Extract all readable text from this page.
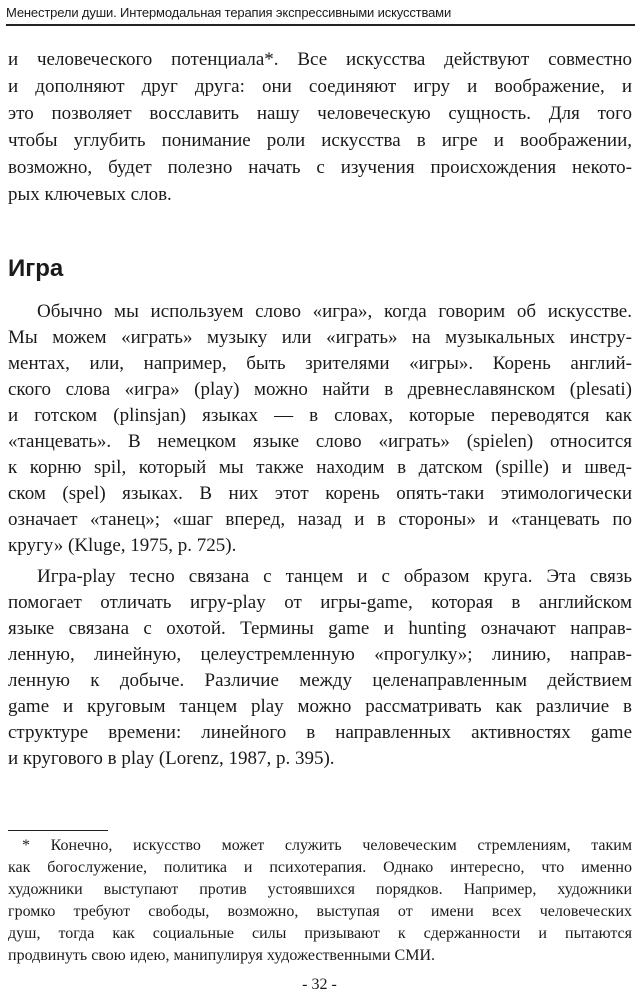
Менестрели души. Интермодальная терапия экспрессивными искусствами
и человеческого потенциала*. Все искусства действуют совместно
и дополняют друг друга: они соединяют игру и воображение, и
это позволяет восславить нашу человеческую сущность. Для того
чтобы углубить понимание роли искусства в игре и воображении,
возможно, будет полезно начать с изучения происхождения некото-
рых ключевых слов.
Игра
Обычно мы используем слово «игра», когда говорим об искусстве.
Мы можем «играть» музыку или «играть» на музыкальных инстру-
ментах, или, например, быть зрителями «игры». Корень англий-
ского слова «игра» (play) можно найти в древнеславянском (plesati)
и готском (plinsjan) языках — в словах, которые переводятся как
«танцевать». В немецком языке слово «играть» (spielen) относится
к корню spil, который мы также находим в датском (spille) и швед-
ском (spel) языках. В них этот корень опять-таки этимологически
означает «танец»; «шаг вперед, назад и в стороны» и «танцевать по
кругу» (Kluge, 1975, p. 725).
Игра-play тесно связана с танцем и с образом круга. Эта связь
помогает отличать игру-play от игры-game, которая в английском
языке связана с охотой. Термины game и hunting означают направ-
ленную, линейную, целеустремленную «прогулку»; линию, направ-
ленную к добыче. Различие между целенаправленным действием
game и круговым танцем play можно рассматривать как различие в
структуре времени: линейного в направленных активностях game
и кругового в play (Lorenz, 1987, p. 395).
* Конечно, искусство может служить человеческим стремлениям, таким
как богослужение, политика и психотерапия. Однако интересно, что именно
художники выступают против устоявшихся порядков. Например, художники
громко требуют свободы, возможно, выступая от имени всех человеческих
душ, тогда как социальные силы призывают к сдержанности и пытаются
продвинуть свою идею, манипулируя художественными СМИ.
- 32 -
